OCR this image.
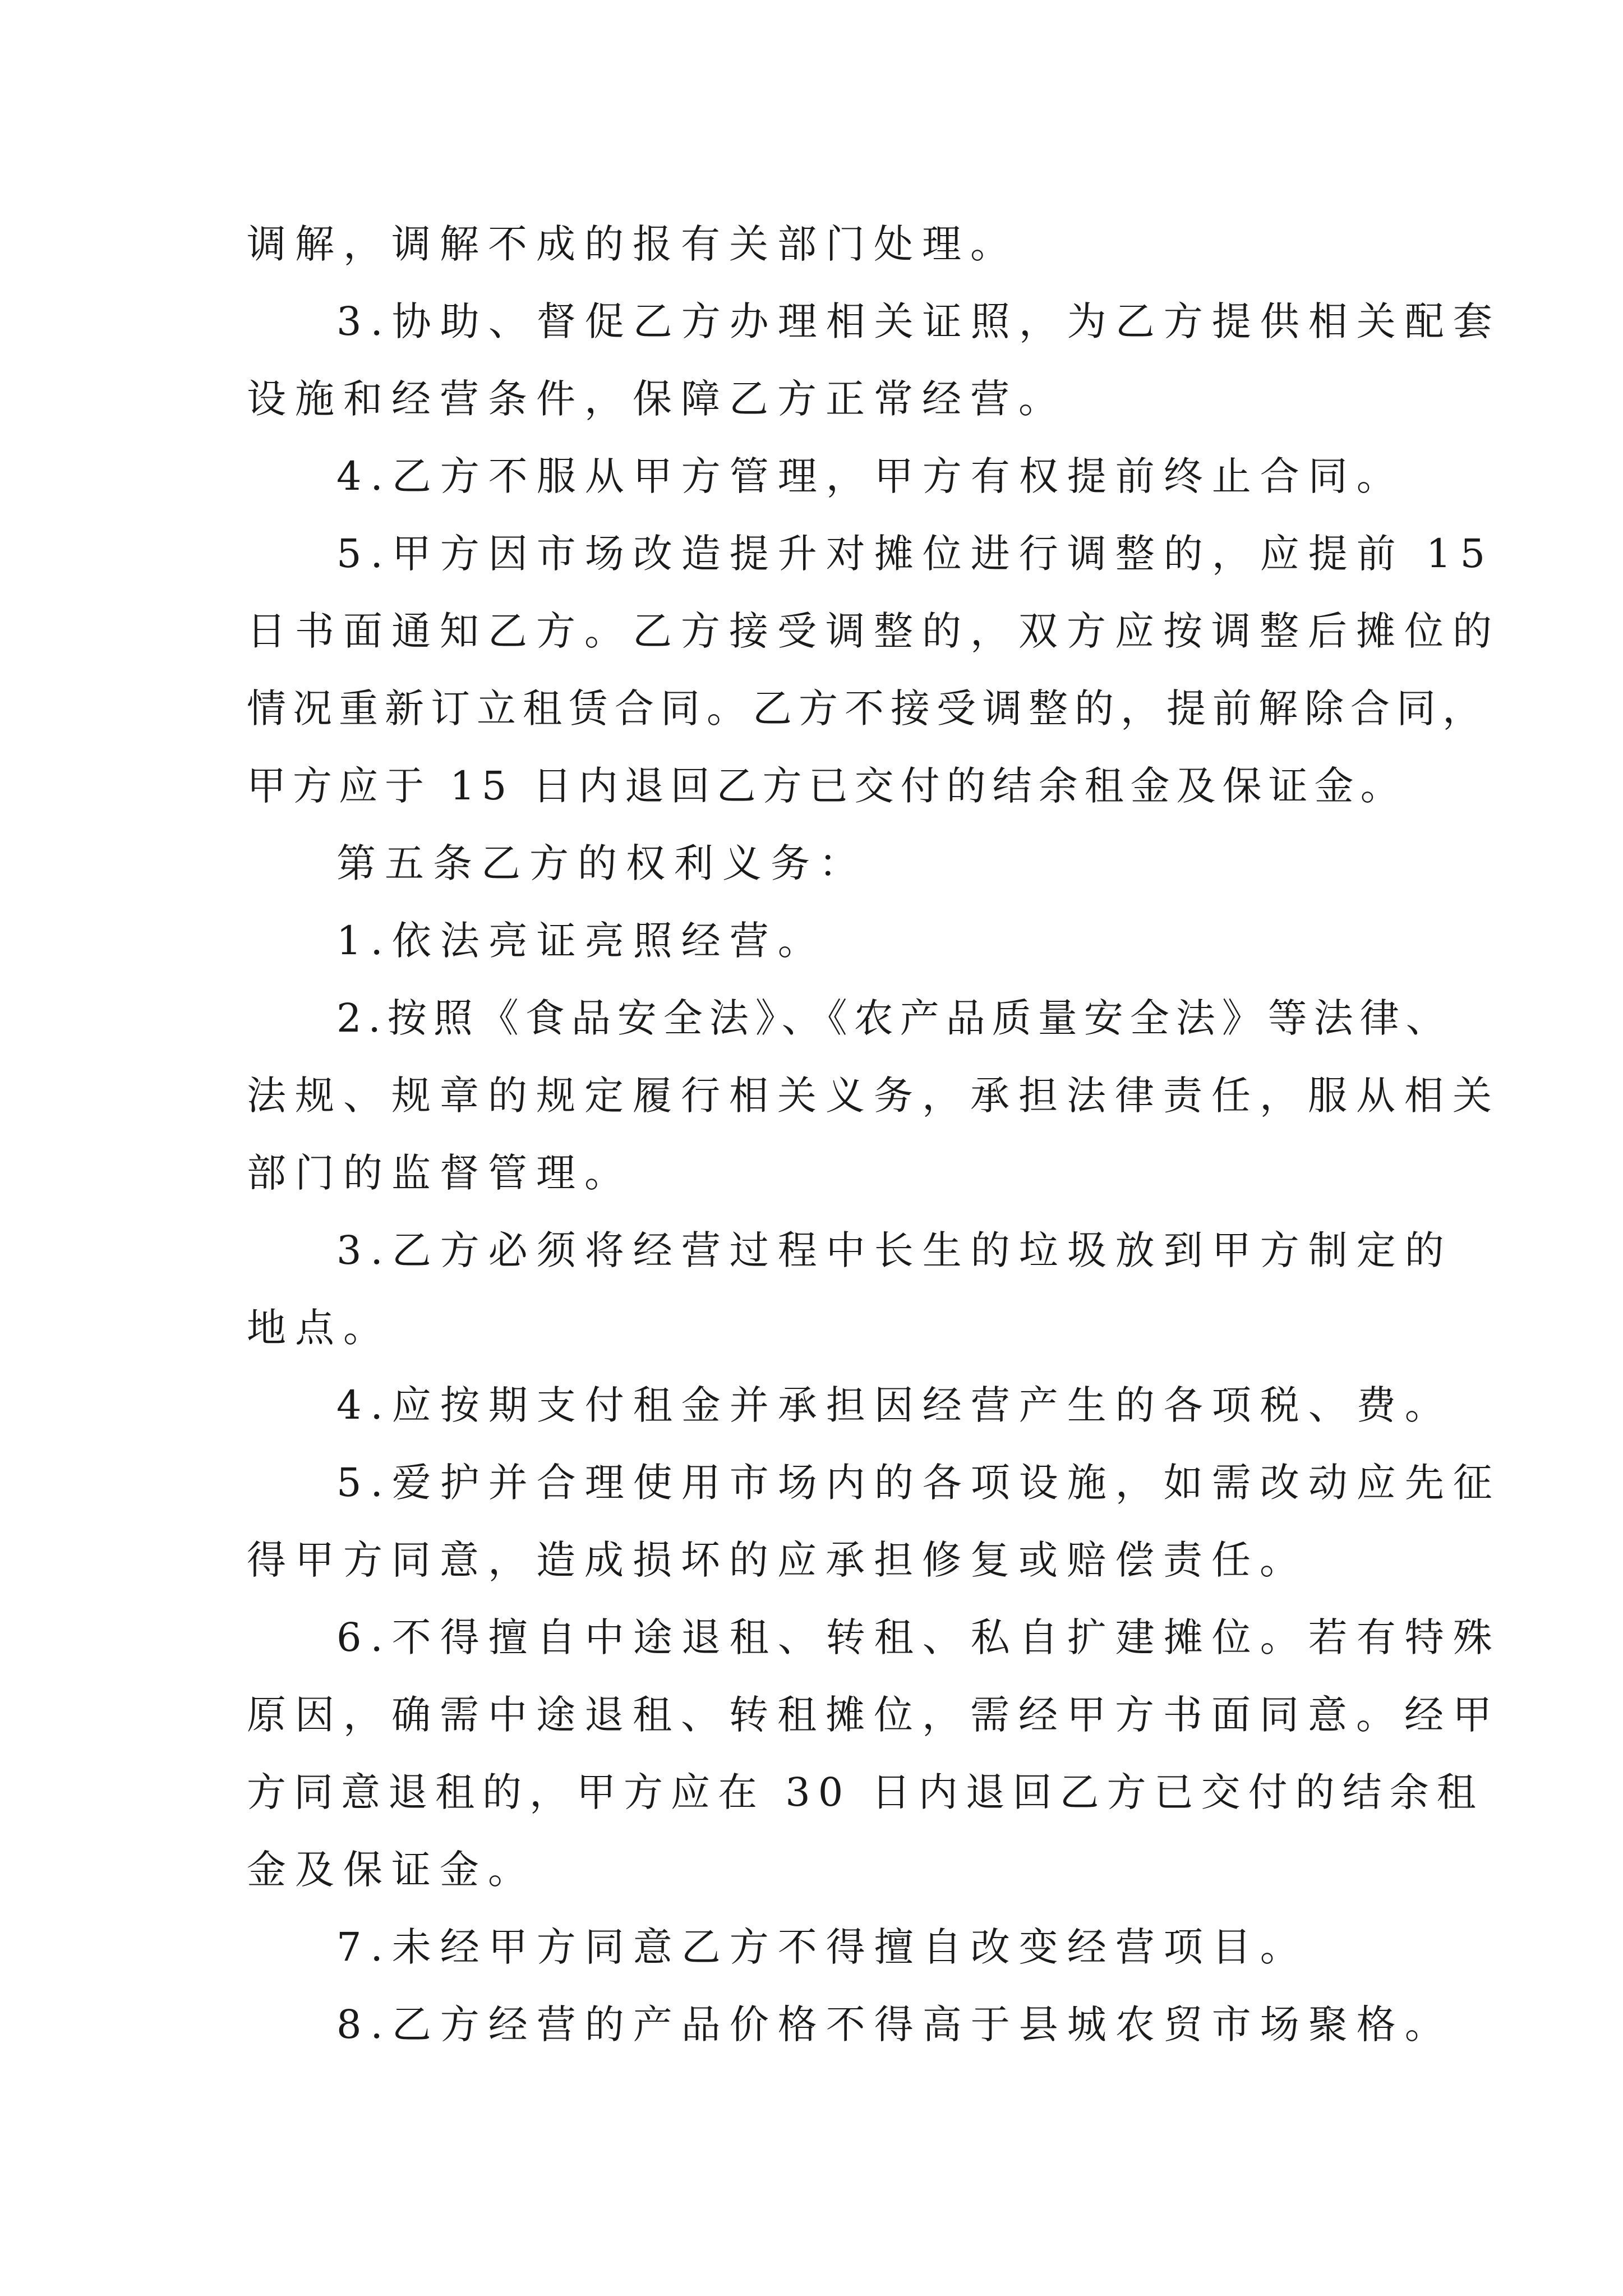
调解，调解不成的报有关部门处理。
3.协助、督促乙方办理相关证照，为乙方提供相关配套
设施和经营条件，保障乙方正常经营。
4.乙方不服从甲方管理，甲方有权提前终止合同。
5.甲方因市场改造提升对摊位进行调整的，应提前 15
日书面通知乙方。乙方接受调整的，双方应按调整后摊位的
情况重新订立租赁合同。乙方不接受调整的，提前解除合同，
甲方应于 15 日内退回乙方已交付的结余租金及保证金。
第五条乙方的权利义务：
1.依法亮证亮照经营。
2.按照《食品安全法》、《农产品质量安全法》等法律、
法规、规章的规定履行相关义务，承担法律责任，服从相关
部门的监督管理。
3.乙方必须将经营过程中长生的垃圾放到甲方制定的
地点。
4.应按期支付租金并承担因经营产生的各项税、费。
5.爱护并合理使用市场内的各项设施，如需改动应先征
得甲方同意，造成损坏的应承担修复或赔偿责任。
6.不得擅自中途退租、转租、私自扩建摊位。若有特殊
原因，确需中途退租、转租摊位，需经甲方书面同意。经甲
方同意退租的，甲方应在 30 日内退回乙方已交付的结余租
金及保证金。
7.未经甲方同意乙方不得擅自改变经营项目。
8.乙方经营的产品价格不得高于县城农贸市场聚格。
